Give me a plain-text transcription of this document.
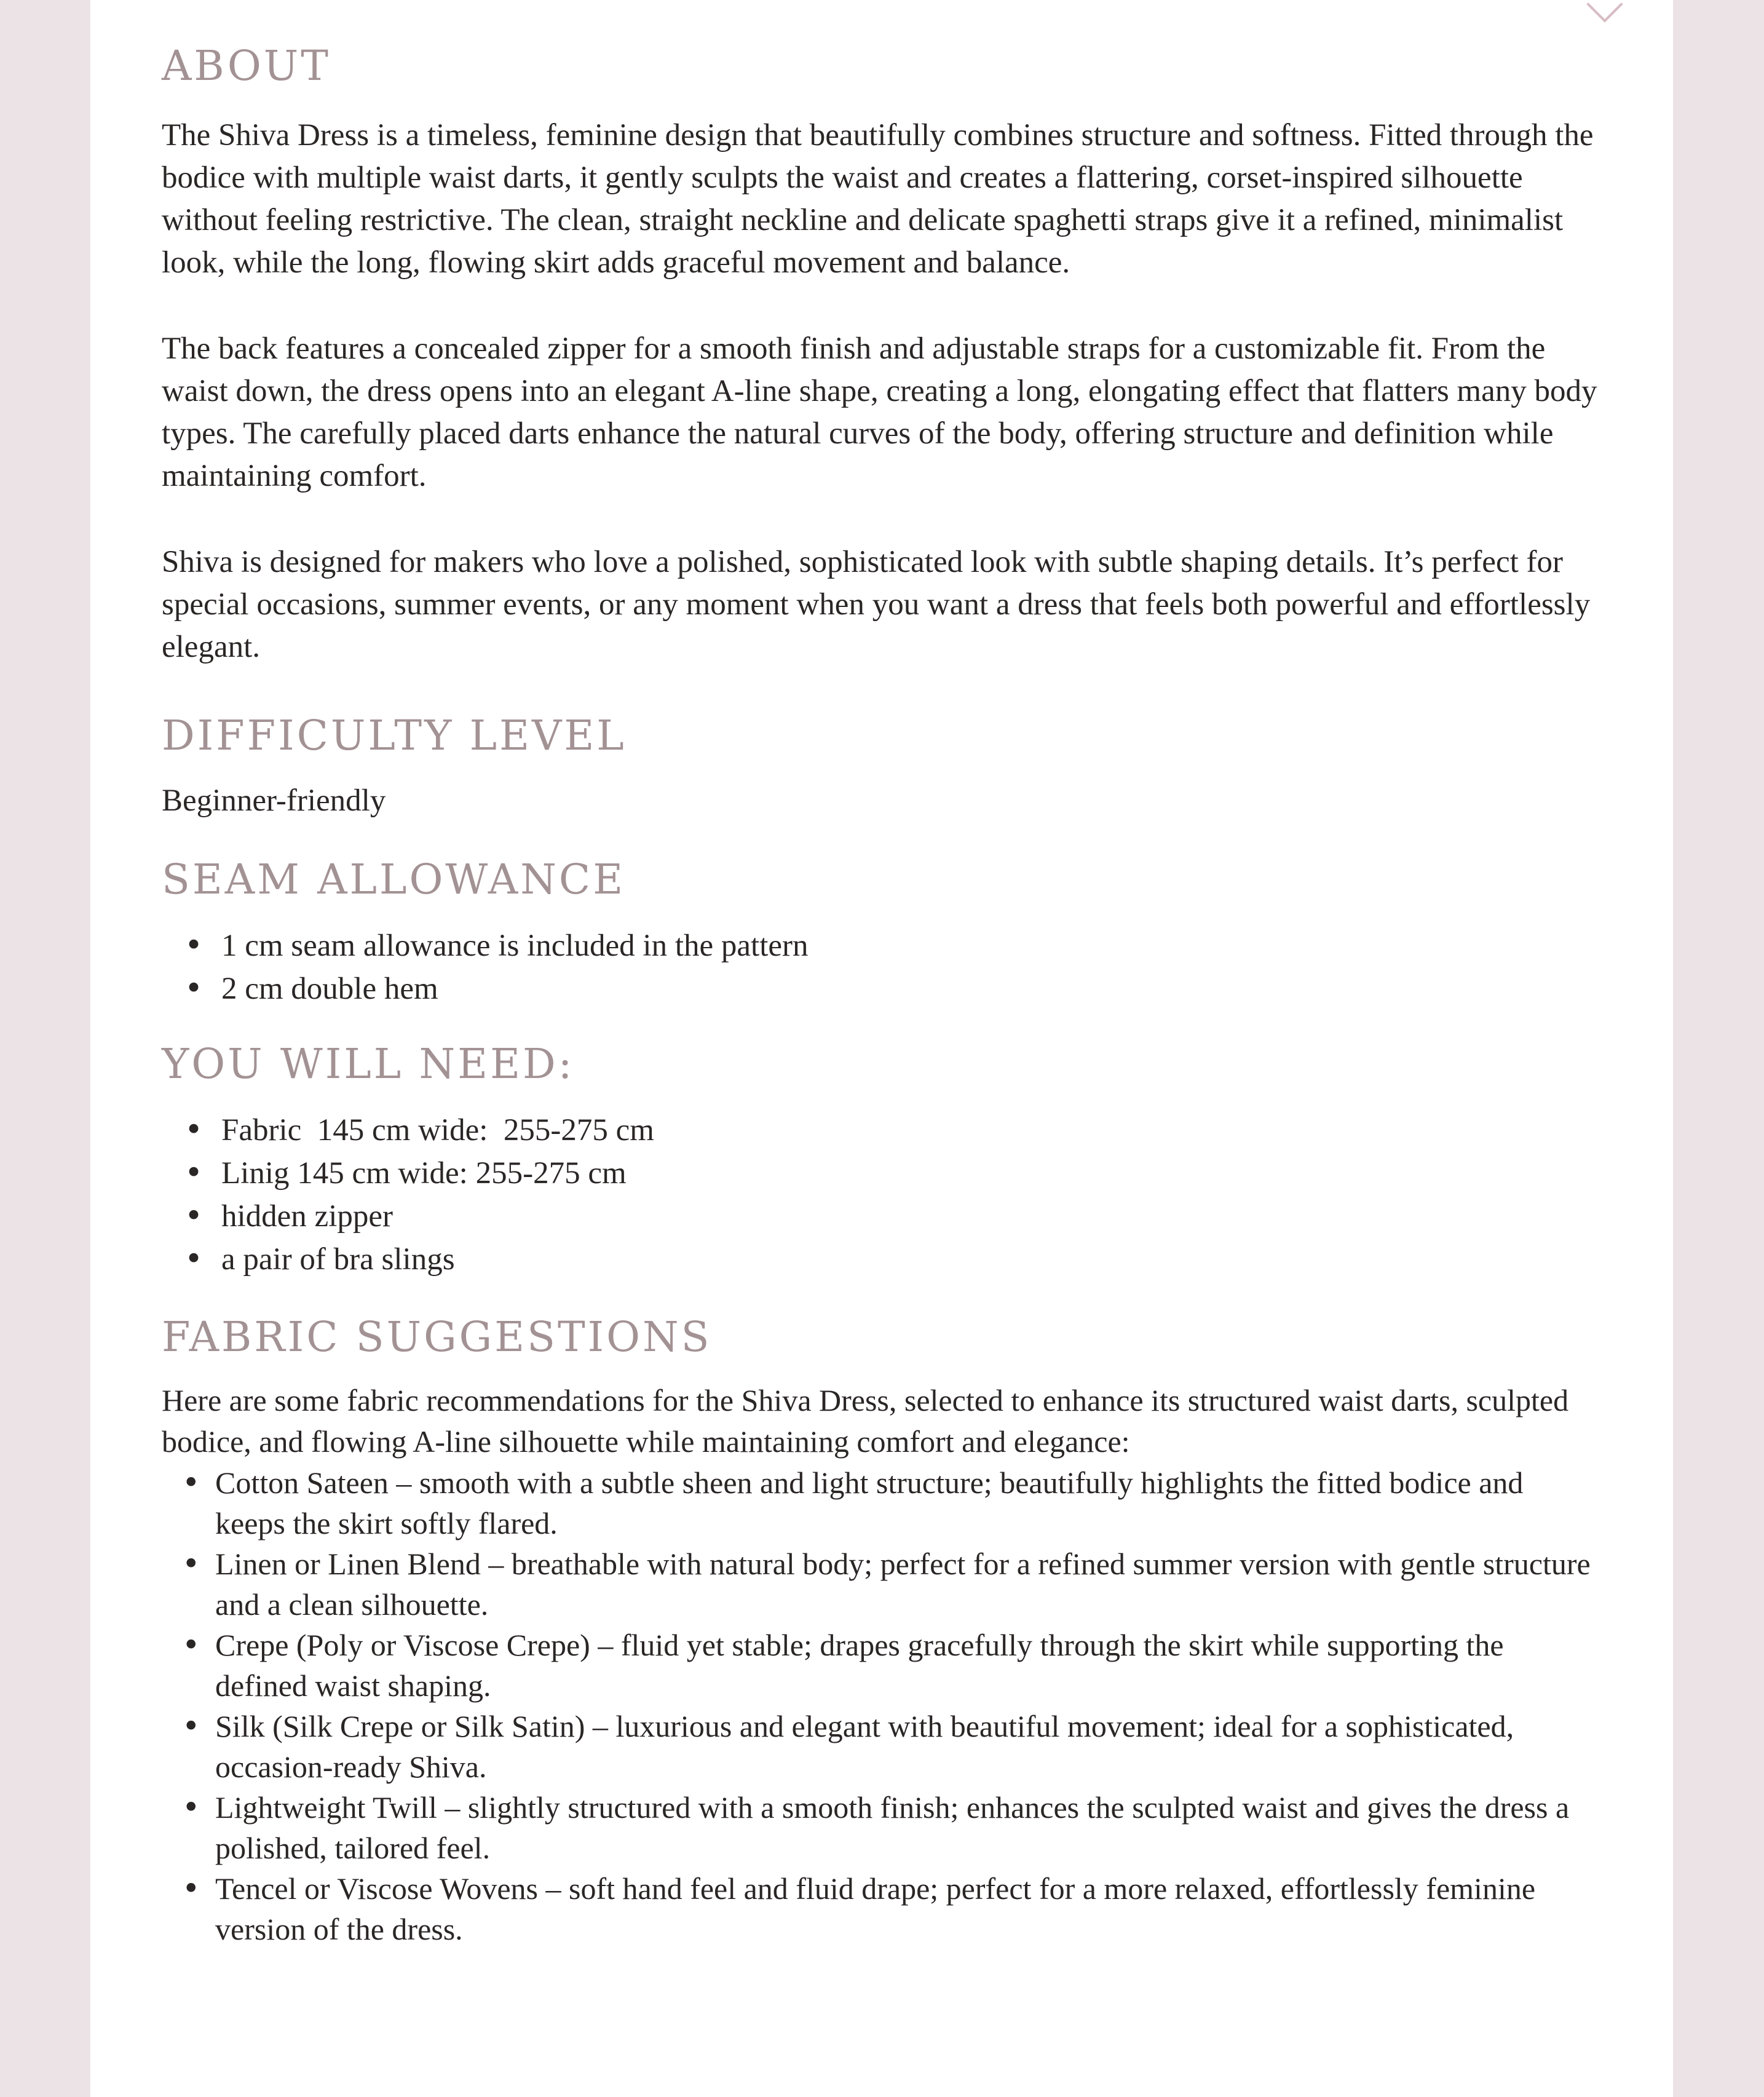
ABOUT

The Shiva Dress is a timeless, feminine design that beautifully combines structure and softness. Fitted through the bodice with multiple waist darts, it gently sculpts the waist and creates a flattering, corset-inspired silhouette without feeling restrictive. The clean, straight neckline and delicate spaghetti straps give it a refined, minimalist look, while the long, flowing skirt adds graceful movement and balance.

The back features a concealed zipper for a smooth finish and adjustable straps for a customizable fit. From the waist down, the dress opens into an elegant A-line shape, creating a long, elongating effect that flatters many body types. The carefully placed darts enhance the natural curves of the body, offering structure and definition while maintaining comfort.

Shiva is designed for makers who love a polished, sophisticated look with subtle shaping details. It’s perfect for special occasions, summer events, or any moment when you want a dress that feels both powerful and effortlessly elegant.

DIFFICULTY LEVEL

Beginner-friendly

SEAM ALLOWANCE
• 1 cm seam allowance is included in the pattern
• 2 cm double hem
YOU WILL NEED:
• Fabric  145 cm wide:  255-275 cm
• Linig 145 cm wide: 255-275 cm
• hidden zipper
• a pair of bra slings
FABRIC SUGGESTIONS

Here are some fabric recommendations for the Shiva Dress, selected to enhance its structured waist darts, sculpted bodice, and flowing A-line silhouette while maintaining comfort and elegance:

• Cotton Sateen – smooth with a subtle sheen and light structure; beautifully highlights the fitted bodice and keeps the skirt softly flared.
• Linen or Linen Blend – breathable with natural body; perfect for a refined summer version with gentle structure and a clean silhouette.
• Crepe (Poly or Viscose Crepe) – fluid yet stable; drapes gracefully through the skirt while supporting the defined waist shaping.
• Silk (Silk Crepe or Silk Satin) – luxurious and elegant with beautiful movement; ideal for a sophisticated, occasion-ready Shiva.
• Lightweight Twill – slightly structured with a smooth finish; enhances the sculpted waist and gives the dress a polished, tailored feel.
• Tencel or Viscose Wovens – soft hand feel and fluid drape; perfect for a more relaxed, effortlessly feminine version of the dress.
